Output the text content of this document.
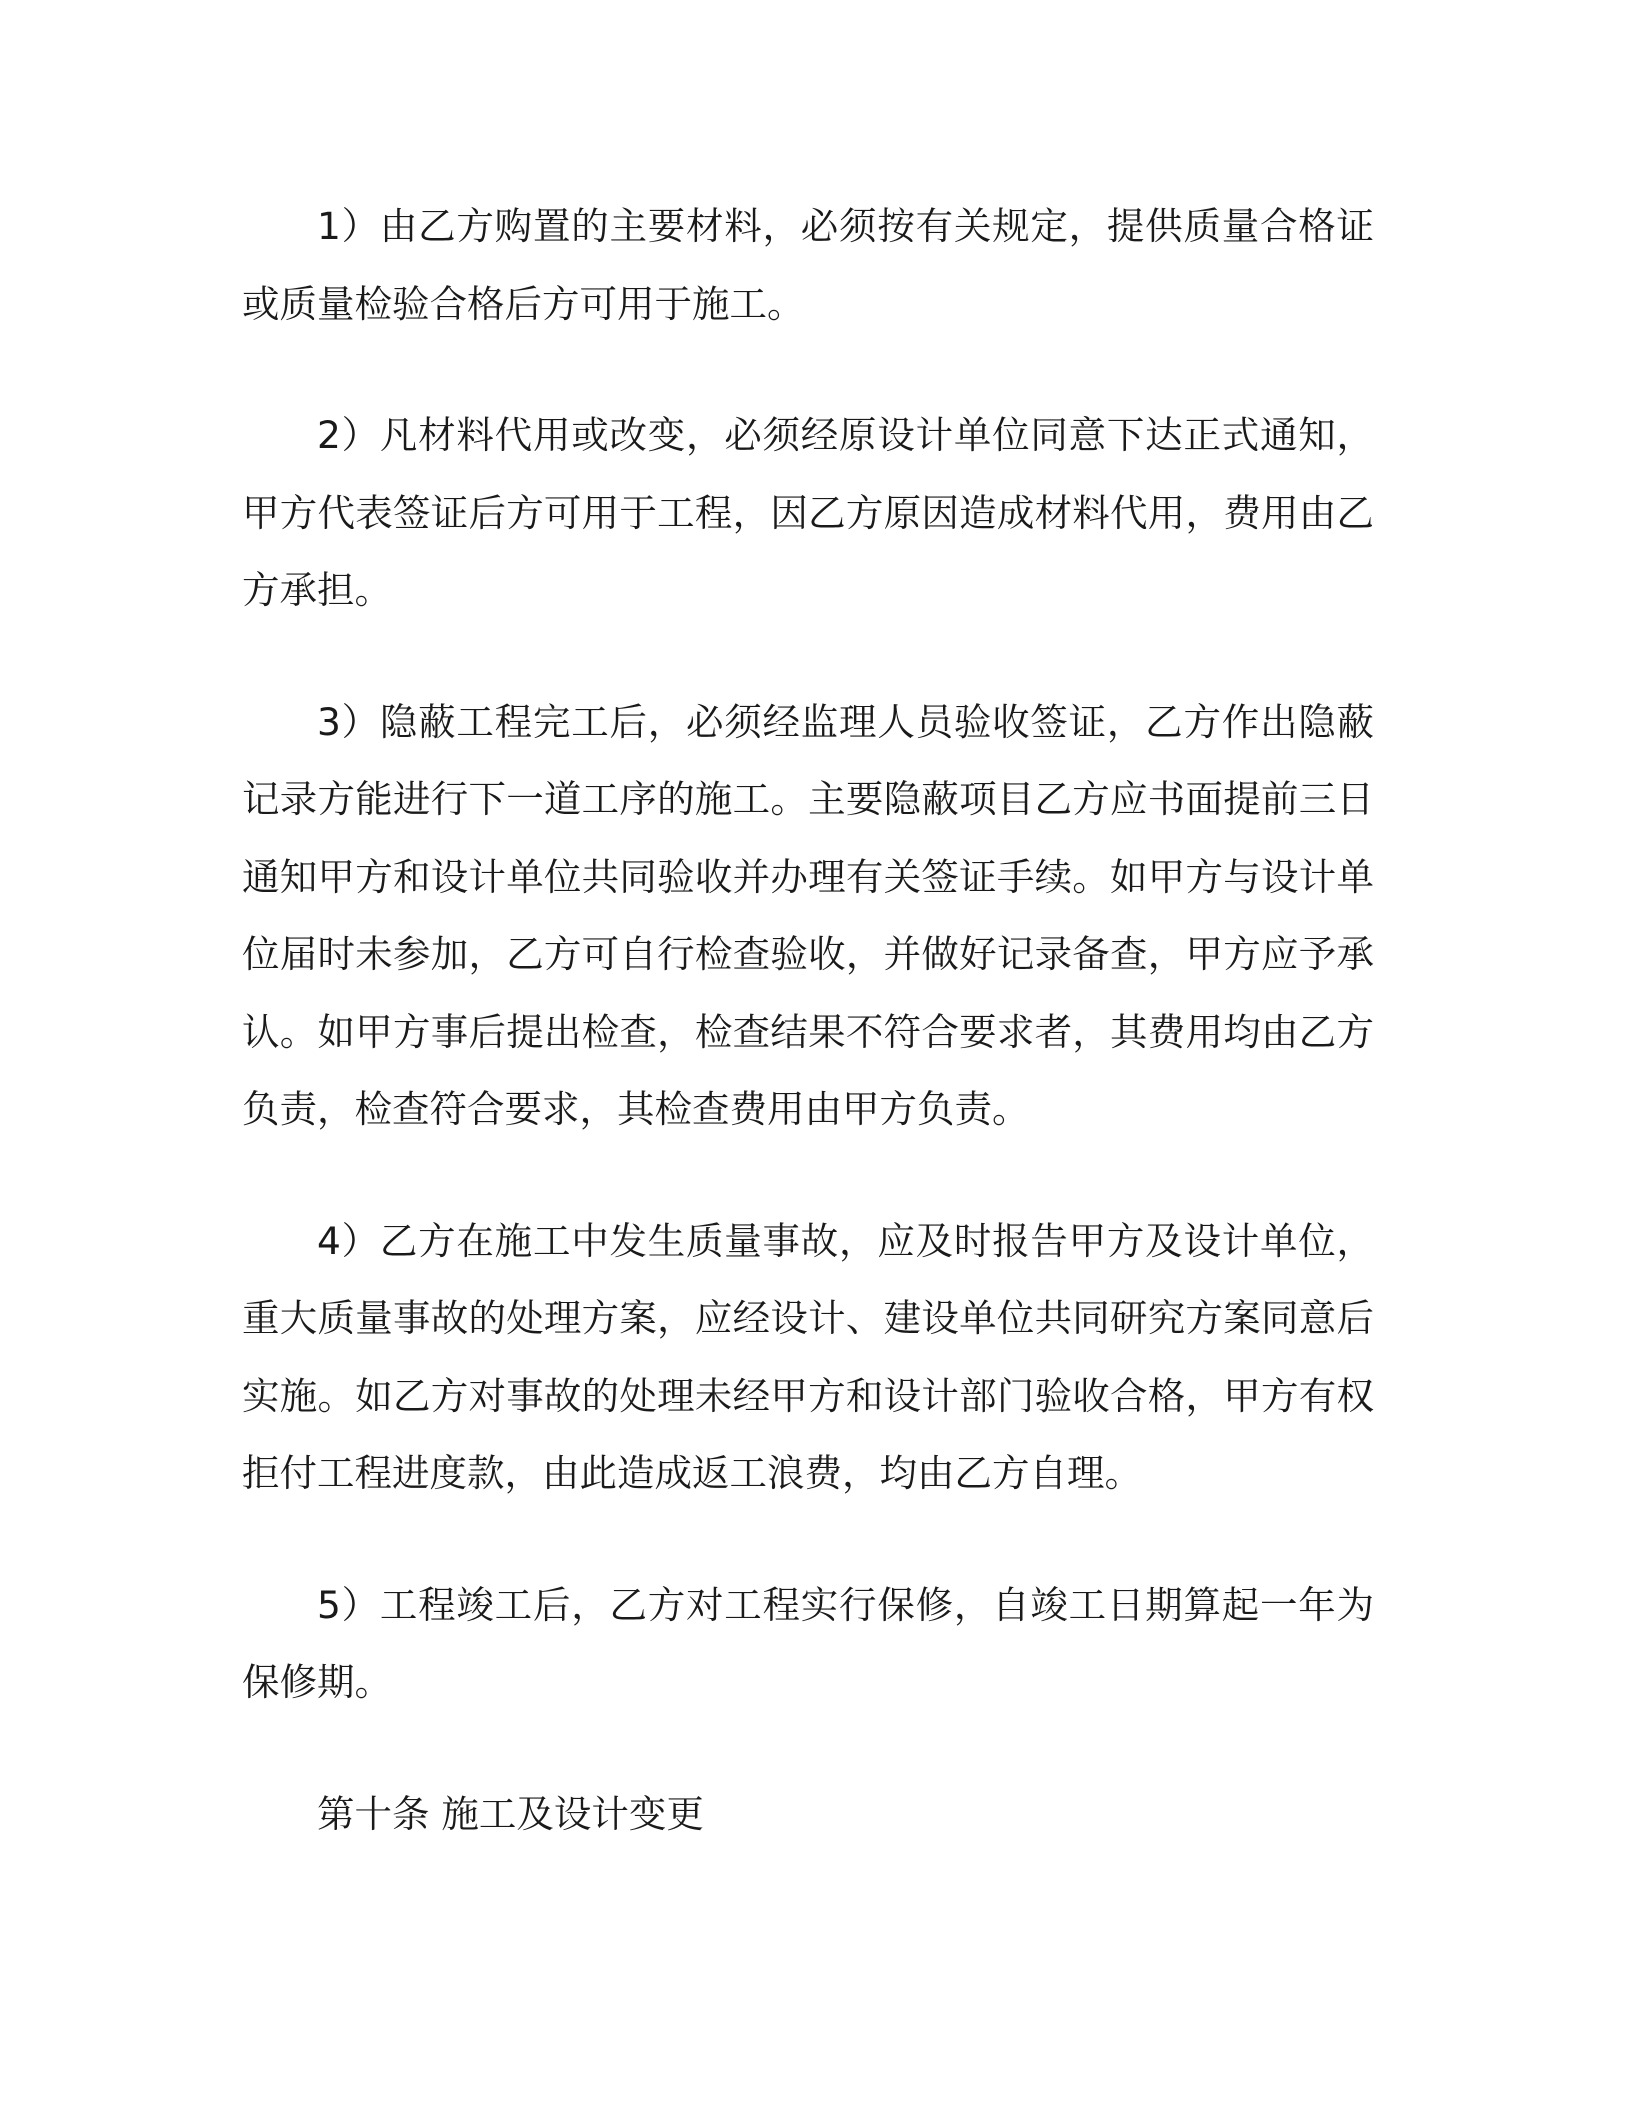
1）由乙方购置的主要材料，必须按有关规定，提供质量合格证或质量检验合格后方可用于施工。

2）凡材料代用或改变，必须经原设计单位同意下达正式通知，甲方代表签证后方可用于工程，因乙方原因造成材料代用，费用由乙方承担。

3）隐蔽工程完工后，必须经监理人员验收签证，乙方作出隐蔽记录方能进行下一道工序的施工。主要隐蔽项目乙方应书面提前三日通知甲方和设计单位共同验收并办理有关签证手续。如甲方与设计单位届时未参加，乙方可自行检查验收，并做好记录备查，甲方应予承认。如甲方事后提出检查，检查结果不符合要求者，其费用均由乙方负责，检查符合要求，其检查费用由甲方负责。

4）乙方在施工中发生质量事故，应及时报告甲方及设计单位，重大质量事故的处理方案，应经设计、建设单位共同研究方案同意后实施。如乙方对事故的处理未经甲方和设计部门验收合格，甲方有权拒付工程进度款，由此造成返工浪费，均由乙方自理。

5）工程竣工后，乙方对工程实行保修，自竣工日期算起一年为保修期。

第十条 施工及设计变更
